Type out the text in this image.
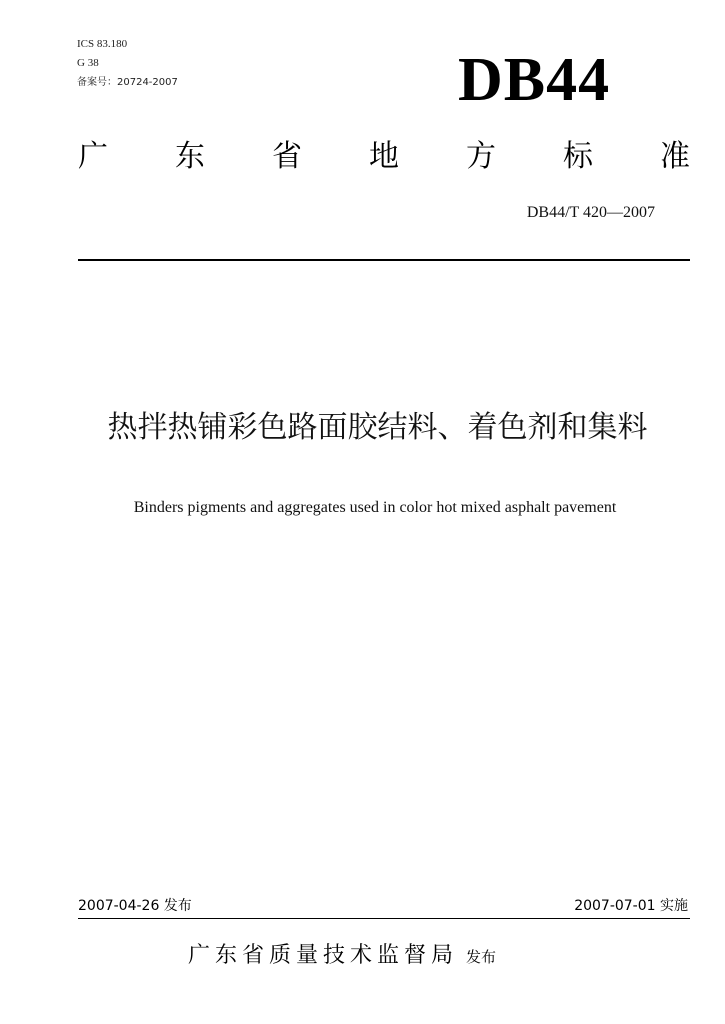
ICS 83.180
G 38
备案号：20724-2007	DB44
广 东 省 地 方 标 准
DB44/T 420—2007
热拌热铺彩色路面胶结料、着色剂和集料
Binders pigments and aggregates used in color hot mixed asphalt pavement
2007-04-26 发布	2007-07-01 实施
广东省质量技术监督局 发布
